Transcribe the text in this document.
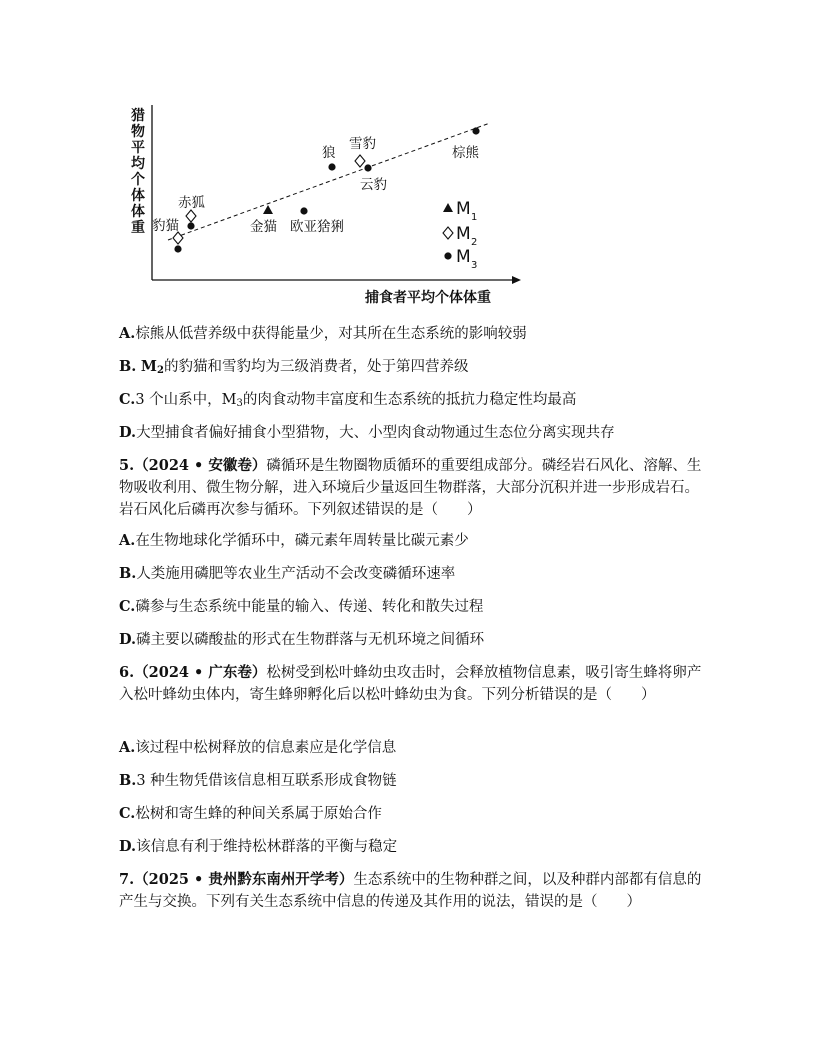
猎物平均个体体重
捕食者平均个体体重
豹猫
赤狐
金猫 欧亚猞猁
狼
雪豹
云豹
棕熊
M 1
M 2
M 3
A.棕熊从低营养级中获得能量少，对其所在生态系统的影响较弱
B. $M_2$的豹猫和雪豹均为三级消费者，处于第四营养级
C.3 个山系中，$M_3$的肉食动物丰富度和生态系统的抵抗力稳定性均最高
D.大型捕食者偏好捕食小型猎物，大、小型肉食动物通过生态位分离实现共存
5.（2024 • 安徽卷）磷循环是生物圈物质循环的重要组成部分。磷经岩石风化、溶解、生物吸收利用、微生物分解，进入环境后少量返回生物群落，大部分沉积并进一步形成岩石。岩石风化后磷再次参与循环。下列叙述错误的是（　　）
A.在生物地球化学循环中，磷元素年周转量比碳元素少
B.人类施用磷肥等农业生产活动不会改变磷循环速率
C.磷参与生态系统中能量的输入、传递、转化和散失过程
D.磷主要以磷酸盐的形式在生物群落与无机环境之间循环
6.（2024 • 广东卷）松树受到松叶蜂幼虫攻击时，会释放植物信息素，吸引寄生蜂将卵产入松叶蜂幼虫体内，寄生蜂卵孵化后以松叶蜂幼虫为食。下列分析错误的是（　　）
A.该过程中松树释放的信息素应是化学信息
B.3 种生物凭借该信息相互联系形成食物链
C.松树和寄生蜂的种间关系属于原始合作
D.该信息有利于维持松林群落的平衡与稳定
7.（2025 • 贵州黔东南州开学考）生态系统中的生物种群之间，以及种群内部都有信息的产生与交换。下列有关生态系统中信息的传递及其作用的说法，错误的是（　　）
